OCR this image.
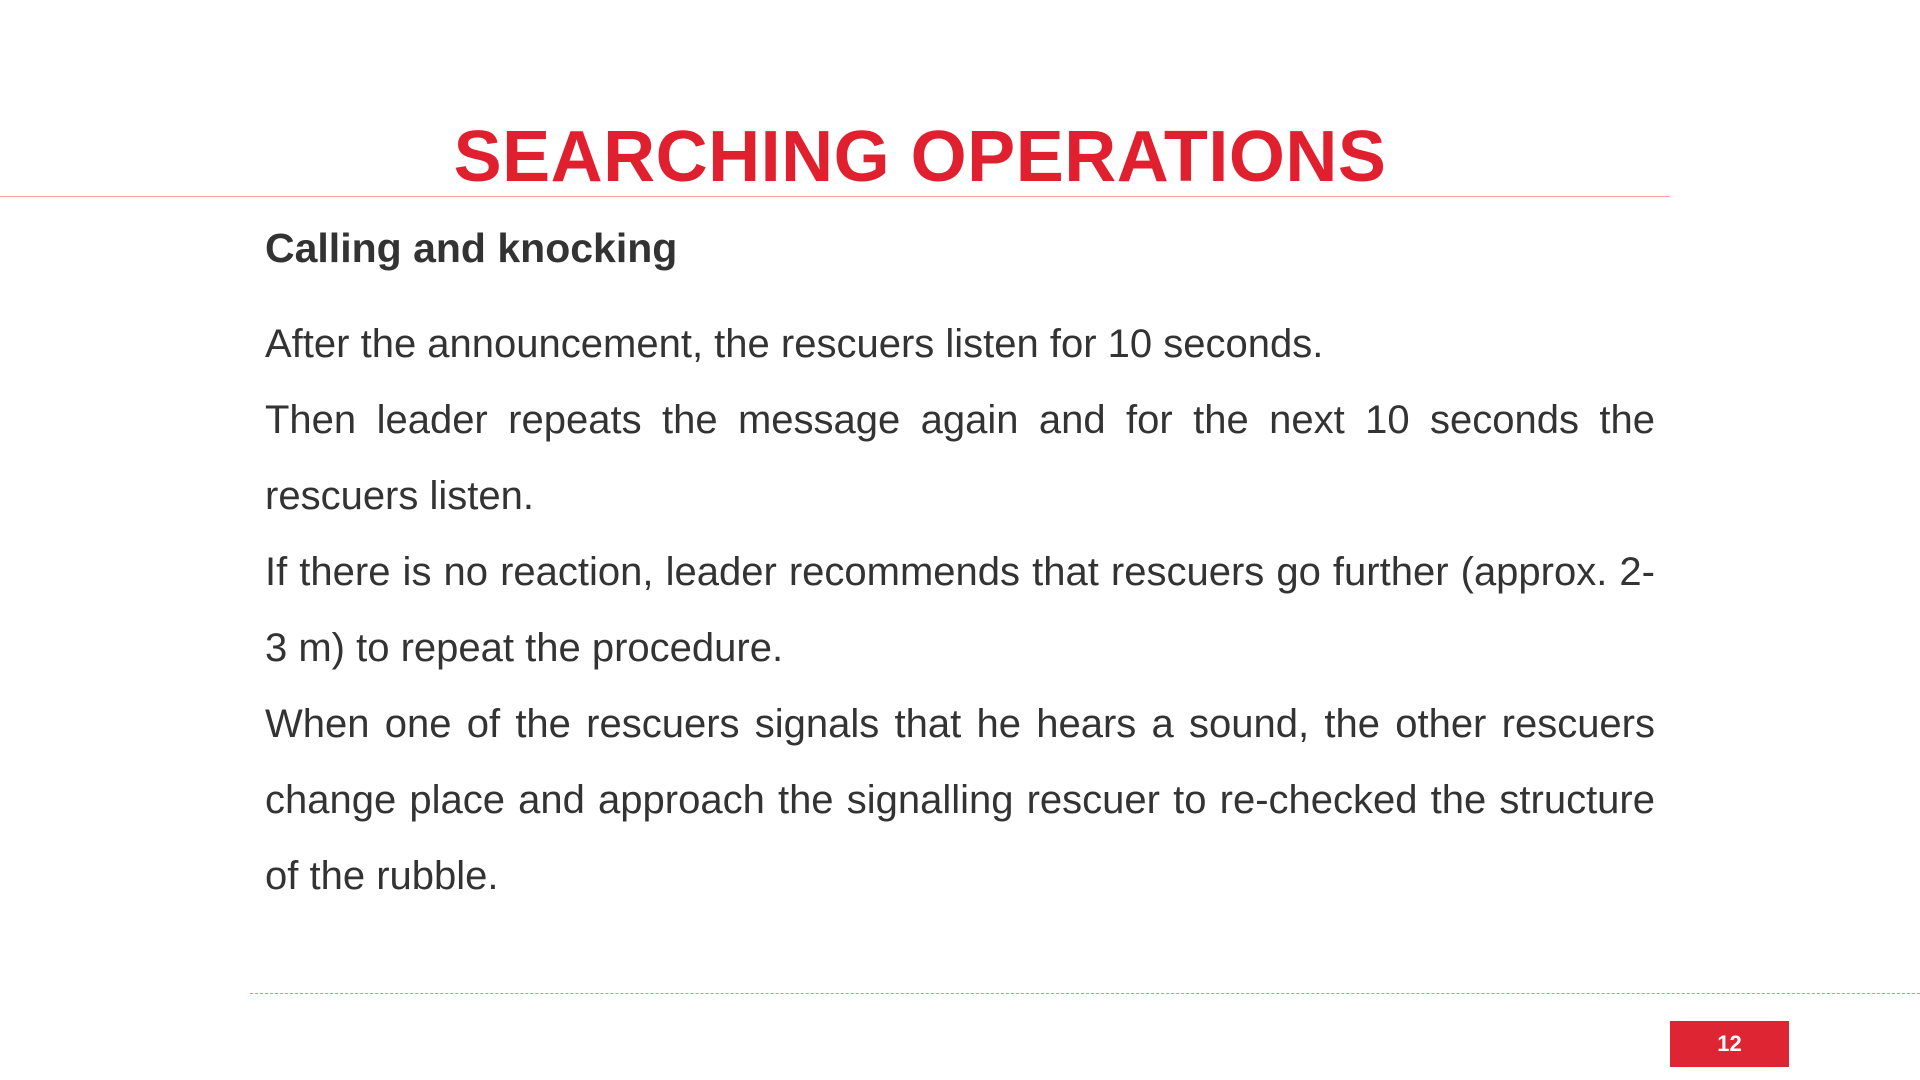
SEARCHING OPERATIONS
Calling and knocking

After the announcement, the rescuers listen for 10 seconds.

Then leader repeats the message again and for the next 10 seconds the rescuers listen.

If there is no reaction, leader recommends that rescuers go further (approx. 2-3 m) to repeat the procedure.

When one of the rescuers signals that he hears a sound, the other rescuers change place and approach the signalling rescuer to re-checked the structure of the rubble.

12
